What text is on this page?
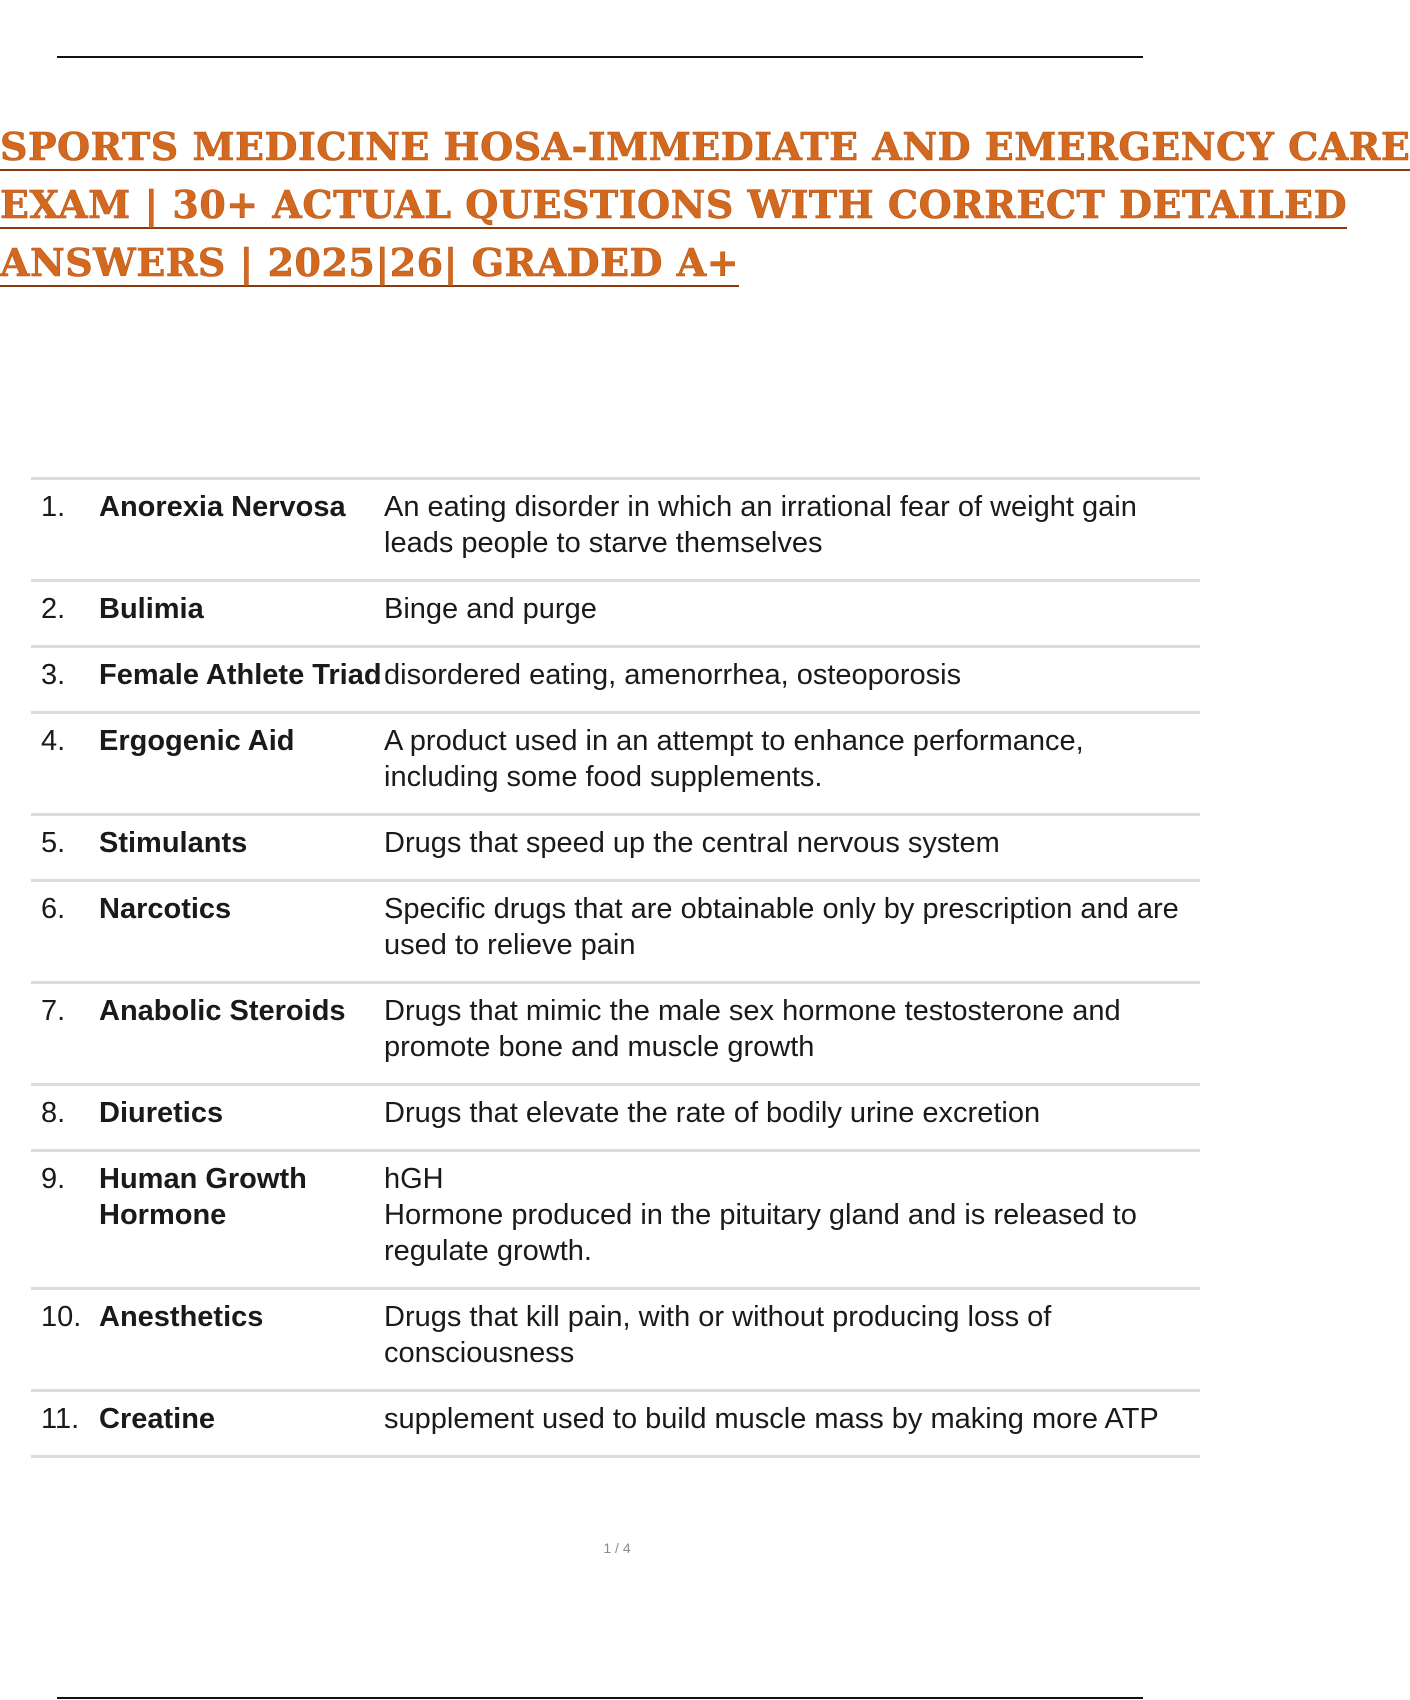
SPORTS MEDICINE HOSA-IMMEDIATE AND EMERGENCY CARE
EXAM | 30+ ACTUAL QUESTIONS WITH CORRECT DETAILED
ANSWERS | 2025|26| GRADED A+
1.	Anorexia Nervosa	An eating disorder in which an irrational fear of weight gain leads people to starve themselves
2.	Bulimia	Binge and purge
3.	Female Athlete Triad	disordered eating, amenorrhea, osteoporosis
4.	Ergogenic Aid	A product used in an attempt to enhance performance, including some food supplements.
5.	Stimulants	Drugs that speed up the central nervous system
6.	Narcotics	Specific drugs that are obtainable only by prescription and are used to relieve pain
7.	Anabolic Steroids	Drugs that mimic the male sex hormone testosterone and promote bone and muscle growth
8.	Diuretics	Drugs that elevate the rate of bodily urine excretion
9.	Human Growth Hormone	hGH
Hormone produced in the pituitary gland and is released to regulate growth.
10.	Anesthetics	Drugs that kill pain, with or without producing loss of consciousness
11.	Creatine	supplement used to build muscle mass by making more ATP
1 / 4
